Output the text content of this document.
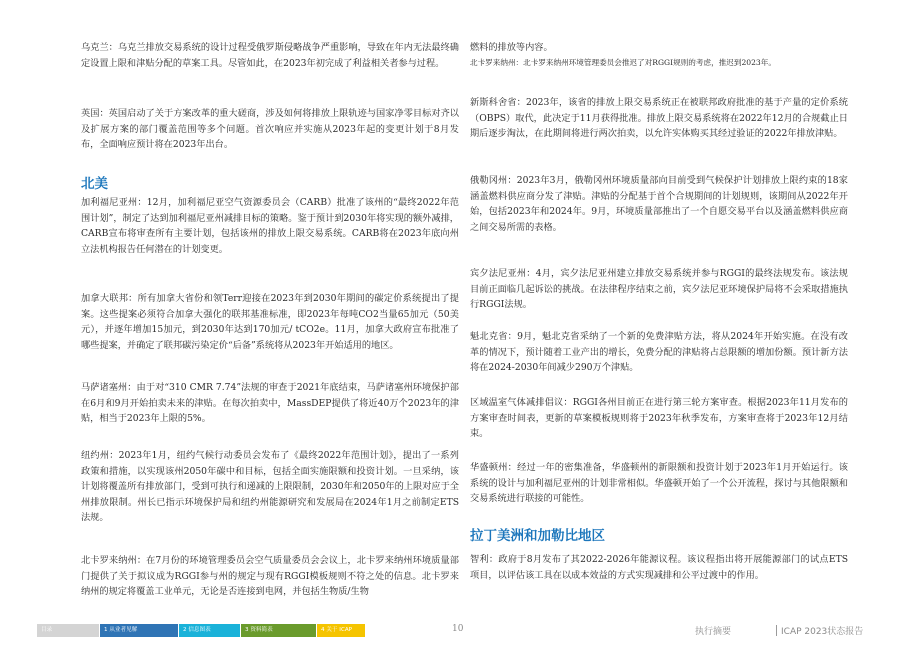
乌克兰：乌克兰排放交易系统的设计过程受俄罗斯侵略战争严重影响，导致在年内无法最终确定设置上限和津贴分配的草案工具。尽管如此，在2023年初完成了利益相关者参与过程。

英国：英国启动了关于方案改革的重大磋商，涉及如何将排放上限轨迹与国家净零目标对齐以及扩展方案的部门覆盖范围等多个问题。首次响应并实施从2023年起的变更计划于8月发布，全面响应预计将在2023年出台。

北美

加利福尼亚州：12月，加利福尼亚空气资源委员会（CARB）批准了该州的“最终2022年范围计划”，制定了达到加利福尼亚州减排目标的策略。鉴于预计到2030年将实现的额外减排，CARB宣布将审查所有主要计划，包括该州的排放上限交易系统。CARB将在2023年底向州立法机构报告任何潜在的计划变更。

加拿大联邦：所有加拿大省份和领Terr迎接在2023年到2030年期间的碳定价系统提出了提案。这些提案必须符合加拿大强化的联邦基准标准，即2023年每吨CO2当量65加元（50美元），并逐年增加15加元，到2030年达到170加元/ tCO2e。11月，加拿大政府宣布批准了哪些提案，并确定了联邦碳污染定价“后备”系统将从2023年开始适用的地区。

马萨诸塞州：由于对“310 CMR 7.74”法规的审查于2021年底结束，马萨诸塞州环境保护部在6月和9月开始拍卖未来的津贴。在每次拍卖中，MassDEP提供了将近40万个2023年的津贴，相当于2023年上限的5%。

纽约州：2023年1月，纽约气候行动委员会发布了《最终2022年范围计划》，提出了一系列政策和措施，以实现该州2050年碳中和目标，包括全面实施限额和投资计划。一旦采纳，该计划将覆盖所有排放部门，受到可执行和递减的上限限制，2030年和2050年的上限对应于全州排放限制。州长已指示环境保护局和纽约州能源研究和发展局在2024年1月之前制定ETS法规。

北卡罗来纳州：在7月份的环境管理委员会空气质量委员会会议上，北卡罗来纳州环境质量部门提供了关于拟议成为RGGI参与州的规定与现有RGGI模板规则不符之处的信息。北卡罗来纳州的规定将覆盖工业单元，无论是否连接到电网，并包括生物质/生物

燃料的排放等内容。

北卡罗来纳州：北卡罗来纳州环境管理委员会推迟了对RGGI规则的考虑，推迟到2023年。

新斯科舍省：2023年，该省的排放上限交易系统正在被联邦政府批准的基于产量的定价系统（OBPS）取代，此决定于11月获得批准。排放上限交易系统将在2022年12月的合规截止日期后逐步淘汰，在此期间将进行两次拍卖，以允许实体购买其经过验证的2022年排放津贴。

俄勒冈州：2023年3月，俄勒冈州环境质量部向目前受到气候保护计划排放上限约束的18家涵盖燃料供应商分发了津贴。津贴的分配基于首个合规期间的计划规则，该期间从2022年开始，包括2023年和2024年。9月，环境质量部推出了一个自愿交易平台以及涵盖燃料供应商之间交易所需的表格。

宾夕法尼亚州：4月，宾夕法尼亚州建立排放交易系统并参与RGGI的最终法规发布。该法规目前正面临几起诉讼的挑战。在法律程序结束之前，宾夕法尼亚环境保护局将不会采取措施执行RGGI法规。

魁北克省：9月，魁北克省采纳了一个新的免费津贴方法，将从2024年开始实施。在没有改革的情况下，预计随着工业产出的增长，免费分配的津贴将占总限额的增加份额。预计新方法将在2024-2030年间减少290万个津贴。

区域温室气体减排倡议：RGGI各州目前正在进行第三轮方案审查。根据2023年11月发布的方案审查时间表，更新的草案模板规则将于2023年秋季发布，方案审查将于2023年12月结束。

华盛顿州：经过一年的密集准备，华盛顿州的新限额和投资计划于2023年1月开始运行。该系统的设计与加利福尼亚州的计划非常相似。华盛顿开始了一个公开流程，探讨与其他限额和交易系统进行联接的可能性。

拉丁美洲和加勒比地区

智利：政府于8月发布了其2022-2026年能源议程。该议程指出将开展能源部门的试点ETS项目，以评估该工具在以成本效益的方式实现减排和公平过渡中的作用。

目录	1 从业者见解	2 信息图表	3 资料简表	4 关于 ICAP	10	执行摘要	ICAP 2023状态报告
